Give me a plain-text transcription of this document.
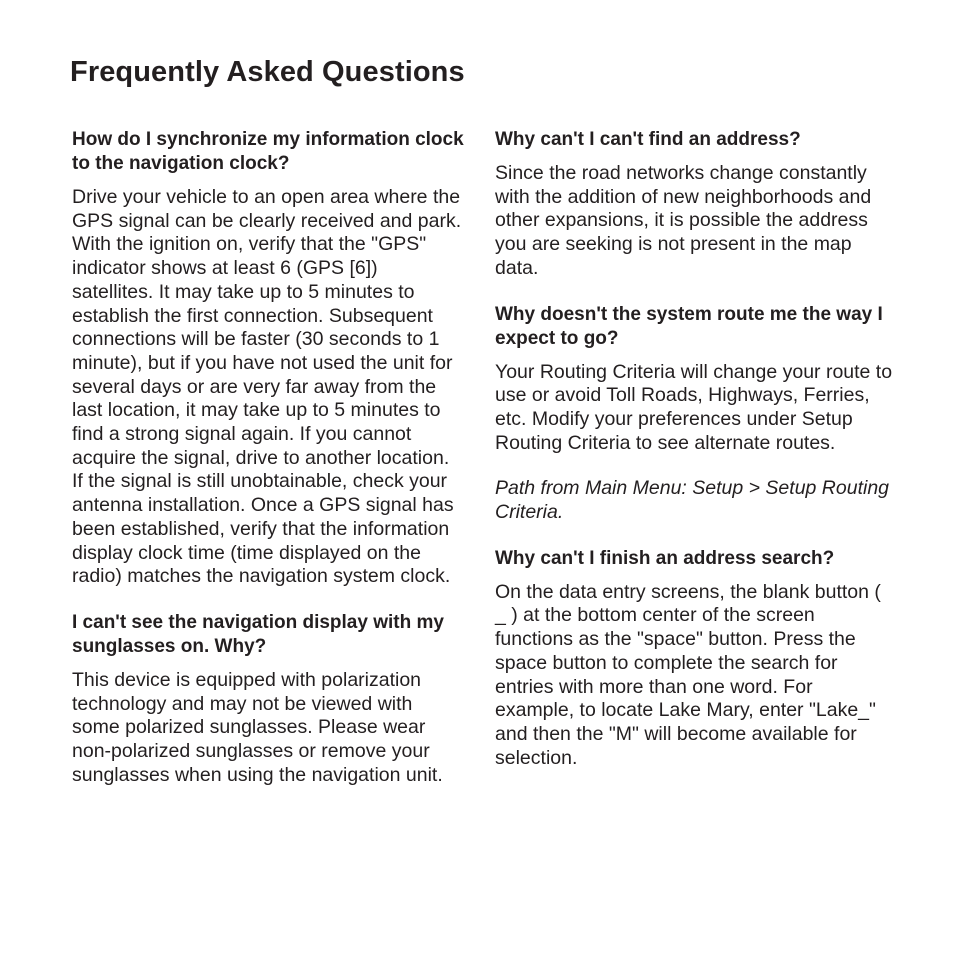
Frequently Asked Questions

How do I synchronize my information clock to the navigation clock?

Drive your vehicle to an open area where the GPS signal can be clearly received and park. With the ignition on, verify that the "GPS" indicator shows at least 6 (GPS [6]) satellites. It may take up to 5 minutes to establish the first connection. Subsequent connections will be faster (30 seconds to 1 minute), but if you have not used the unit for several days or are very far away from the last location, it may take up to 5 minutes to find a strong signal again. If you cannot acquire the signal, drive to another location. If the signal is still unobtainable, check your antenna installation. Once a GPS signal has been established, verify that the information display clock time (time displayed on the radio) matches the navigation system clock.

I can't see the navigation display with my sunglasses on. Why?

This device is equipped with polarization technology and may not be viewed with some polarized sunglasses. Please wear non-polarized sunglasses or remove your sunglasses when using the navigation unit.

Why can't I can't find an address?

Since the road networks change constantly with the addition of new neighborhoods and other expansions, it is possible the address you are seeking is not present in the map data.

Why doesn't the system route me the way I expect to go?

Your Routing Criteria will change your route to use or avoid Toll Roads, Highways, Ferries, etc. Modify your preferences under Setup Routing Criteria to see alternate routes.

Path from Main Menu: Setup > Setup Routing Criteria.

Why can't I finish an address search?

On the data entry screens, the blank button ( _ ) at the bottom center of the screen functions as the "space" button. Press the space button to complete the search for entries with more than one word. For example, to locate Lake Mary, enter "Lake_" and then the "M" will become available for selection.
